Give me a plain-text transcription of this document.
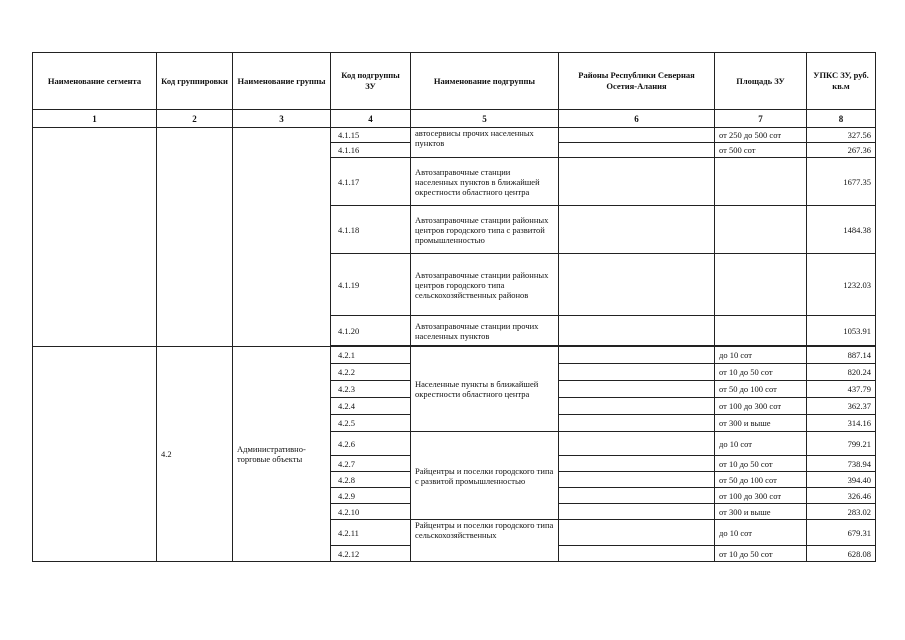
Наименование сегмента	Код группировки	Наименование группы	Код подгруппы ЗУ	Наименование подгруппы	Районы Республики Северная Осетия-Алания	Площадь ЗУ	УПКС ЗУ, руб. кв.м
1	2	3	4	5	6	7	8
			4.1.15	автосервисы прочих населенных пунктов		от 250 до 500 сот	327.56
			4.1.16			от 500 сот	267.36
			4.1.17	Автозаправочные станции населенных пунктов в ближайшей окрестности областного центра			1677.35
			4.1.18	Автозаправочные станции районных центров городского типа с развитой промышленностью			1484.38
			4.1.19	Автозаправочные станции районных центров городского типа сельскохозяйственных районов			1232.03
			4.1.20	Автозаправочные станции прочих населенных пунктов			1053.91

	4.2	Административно-торговые объекты	4.2.1	Населенные пункты в ближайшей окрестности областного центра		до 10 сот	887.14
			4.2.2			от 10 до 50 сот	820.24
			4.2.3			от 50 до 100 сот	437.79
			4.2.4			от 100 до 300 сот	362.37
			4.2.5			от 300 и выше	314.16
			4.2.6	Райцентры и поселки городского типа с развитой промышленностью		до 10 сот	799.21
			4.2.7			от 10 до 50 сот	738.94
			4.2.8			от 50 до 100 сот	394.40
			4.2.9			от 100 до 300 сот	326.46
			4.2.10			от 300 и выше	283.02
			4.2.11	Райцентры и поселки городского типа сельскохозяйственных		до 10 сот	679.31
			4.2.12			от 10 до 50 сот	628.08
